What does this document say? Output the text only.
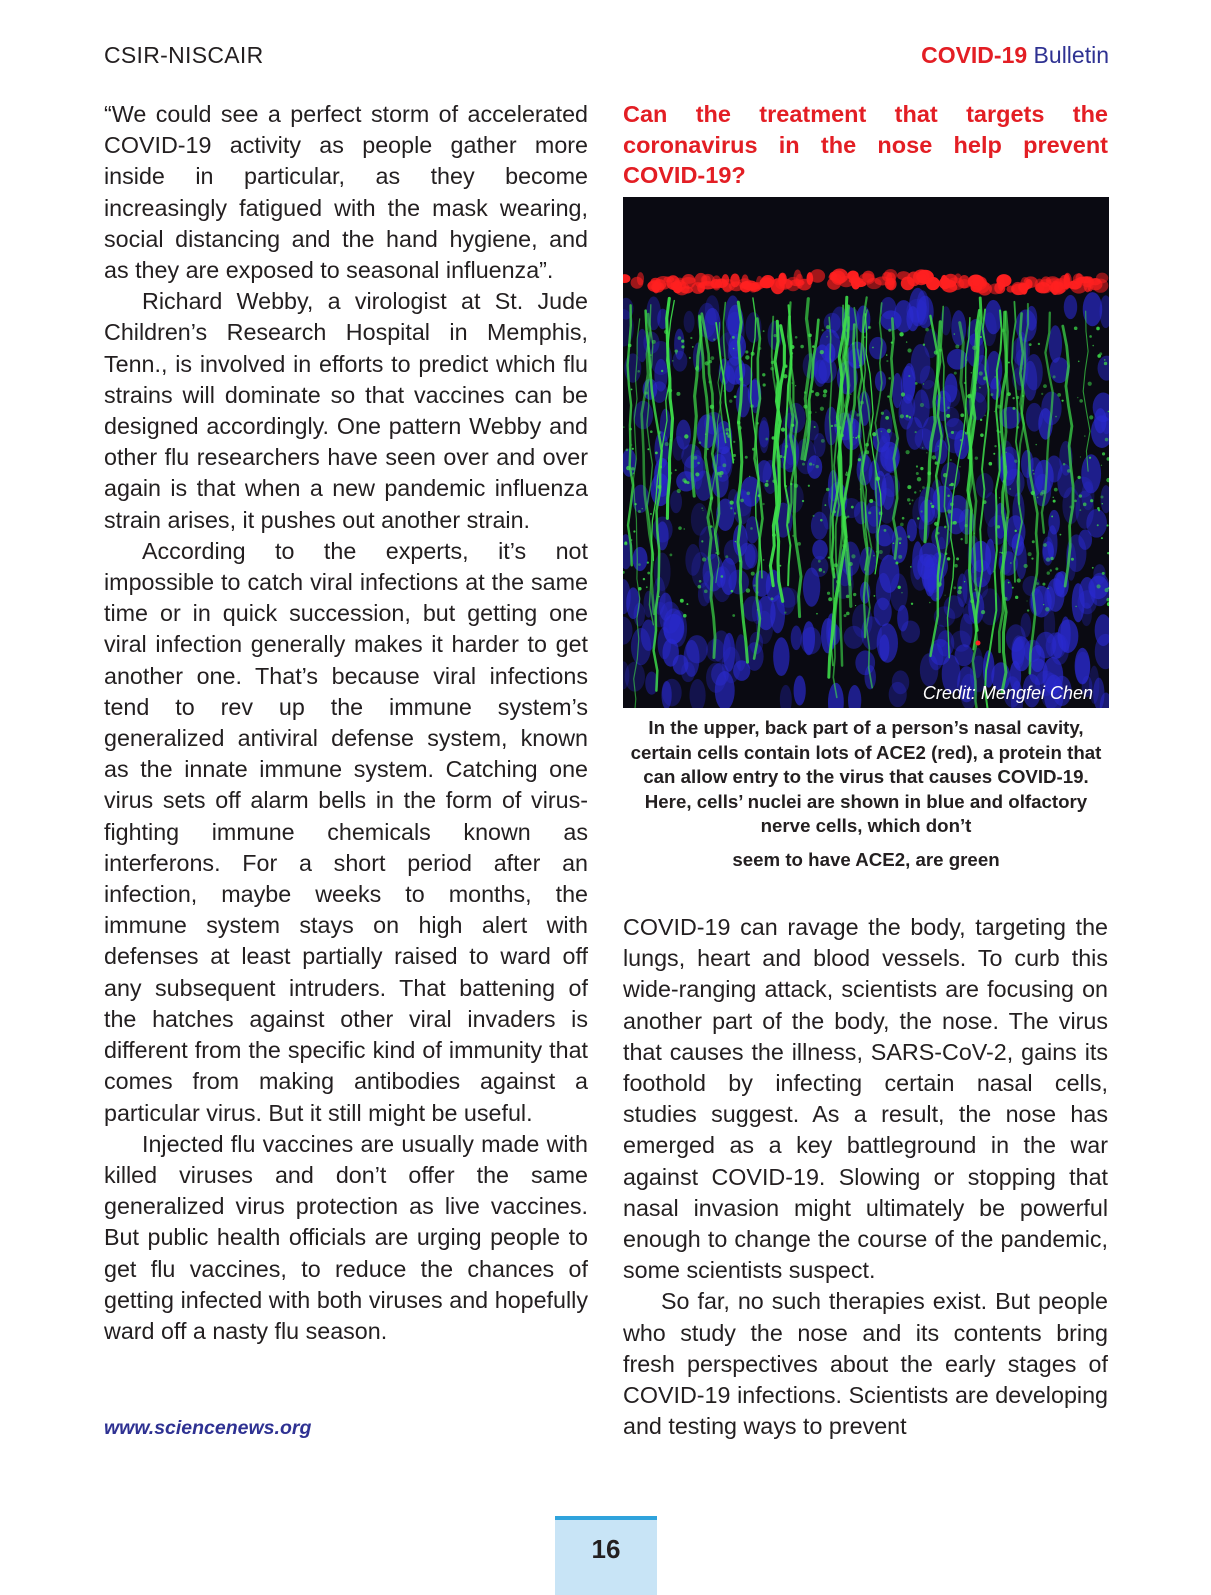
CSIR-NISCAIR	COVID-19 Bulletin

“We could see a perfect storm of accelerated COVID-19 activity as people gather more inside in particular, as they become increasingly fatigued with the mask wearing, social distancing and the hand hygiene, and as they are exposed to seasonal influenza”.

Richard Webby, a virologist at St. Jude Children’s Research Hospital in Memphis, Tenn., is involved in efforts to predict which flu strains will dominate so that vaccines can be designed accordingly. One pattern Webby and other flu researchers have seen over and over again is that when a new pandemic influenza strain arises, it pushes out another strain.

According to the experts, it’s not impossible to catch viral infections at the same time or in quick succession, but getting one viral infection generally makes it harder to get another one. That’s because viral infections tend to rev up the immune system’s generalized antiviral defense system, known as the innate immune system. Catching one virus sets off alarm bells in the form of virus-fighting immune chemicals known as interferons. For a short period after an infection, maybe weeks to months, the immune system stays on high alert with defenses at least partially raised to ward off any subsequent intruders. That battening of the hatches against other viral invaders is different from the specific kind of immunity that comes from making antibodies against a particular virus. But it still might be useful.

Injected flu vaccines are usually made with killed viruses and don’t offer the same generalized virus protection as live vaccines. But public health officials are urging people to get flu vaccines, to reduce the chances of getting infected with both viruses and hopefully ward off a nasty flu season.

www.sciencenews.org

Can the treatment that targets the coronavirus in the nose help prevent COVID-19?

Credit: Mengfei Chen
In the upper, back part of a person’s nasal cavity, certain cells contain lots of ACE2 (red), a protein that can allow entry to the virus that causes COVID-19. Here, cells’ nuclei are shown in blue and olfactory nerve cells, which don’t
seem to have ACE2, are green

COVID-19 can ravage the body, targeting the lungs, heart and blood vessels. To curb this wide-ranging attack, scientists are focusing on another part of the body, the nose. The virus that causes the illness, SARS-CoV-2, gains its foothold by infecting certain nasal cells, studies suggest. As a result, the nose has emerged as a key battleground in the war against COVID-19. Slowing or stopping that nasal invasion might ultimately be powerful enough to change the course of the pandemic, some scientists suspect.

So far, no such therapies exist. But people who study the nose and its contents bring fresh perspectives about the early stages of COVID-19 infections. Scientists are developing and testing ways to prevent

16
